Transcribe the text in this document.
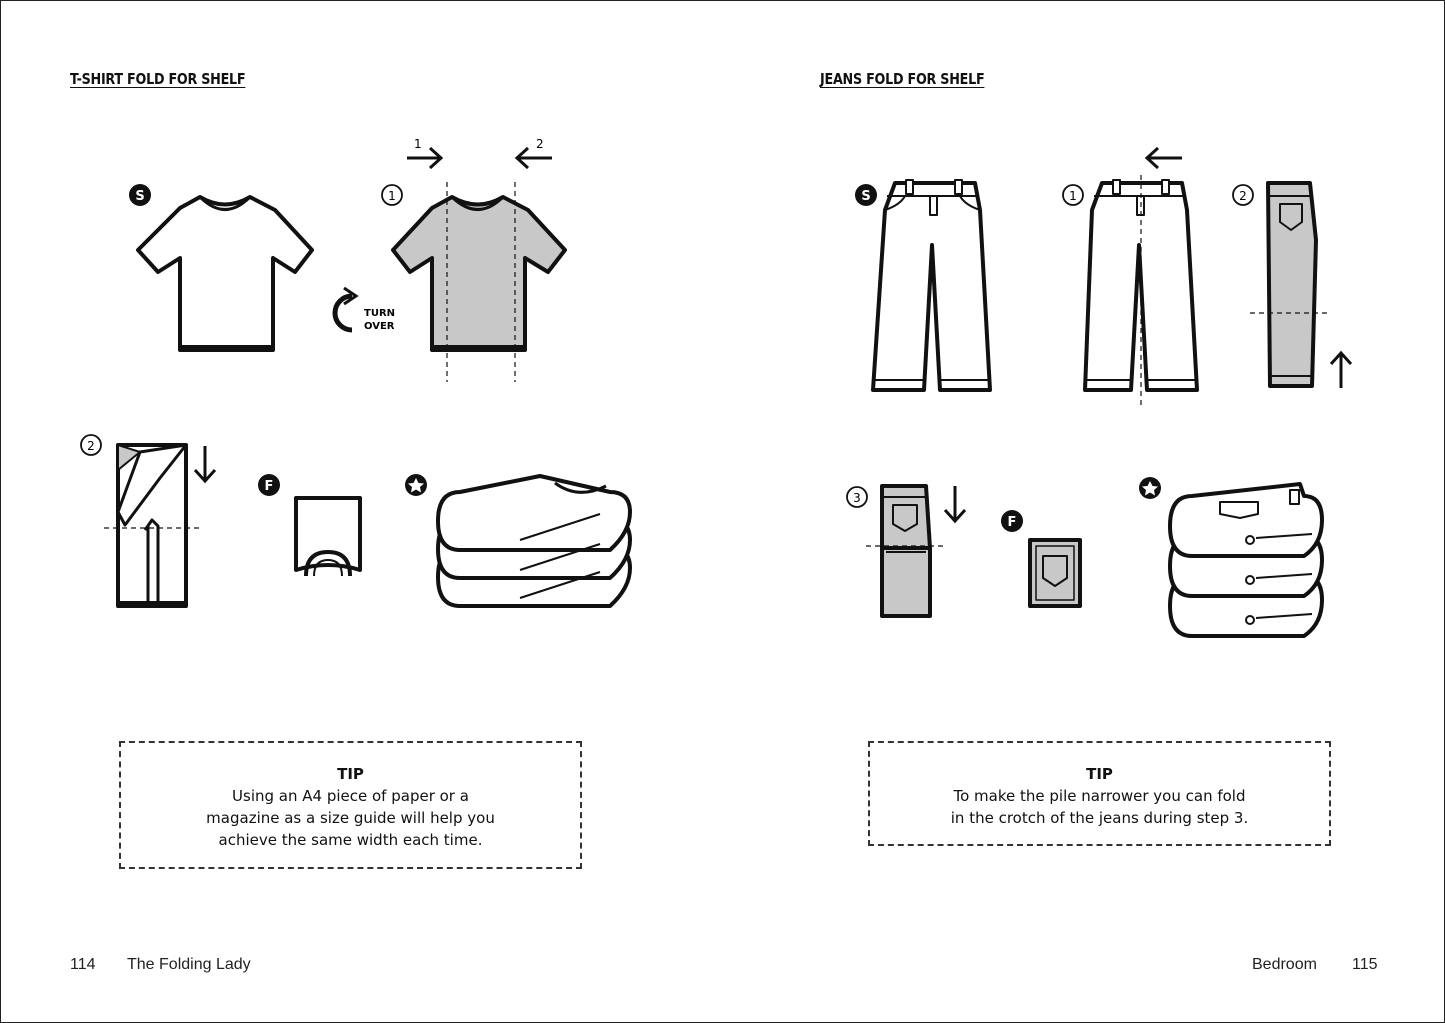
T-SHIRT FOLD FOR SHELF	JEANS FOLD FOR SHELF
S
TURN
OVER
1
1	2
2
F
S	1	2
3
F
TIP
Using an A4 piece of paper or a
magazine as a size guide will help you
achieve the same width each time.
TIP
To make the pile narrower you can fold
in the crotch of the jeans during step 3.
114 The Folding Lady	Bedroom 115
